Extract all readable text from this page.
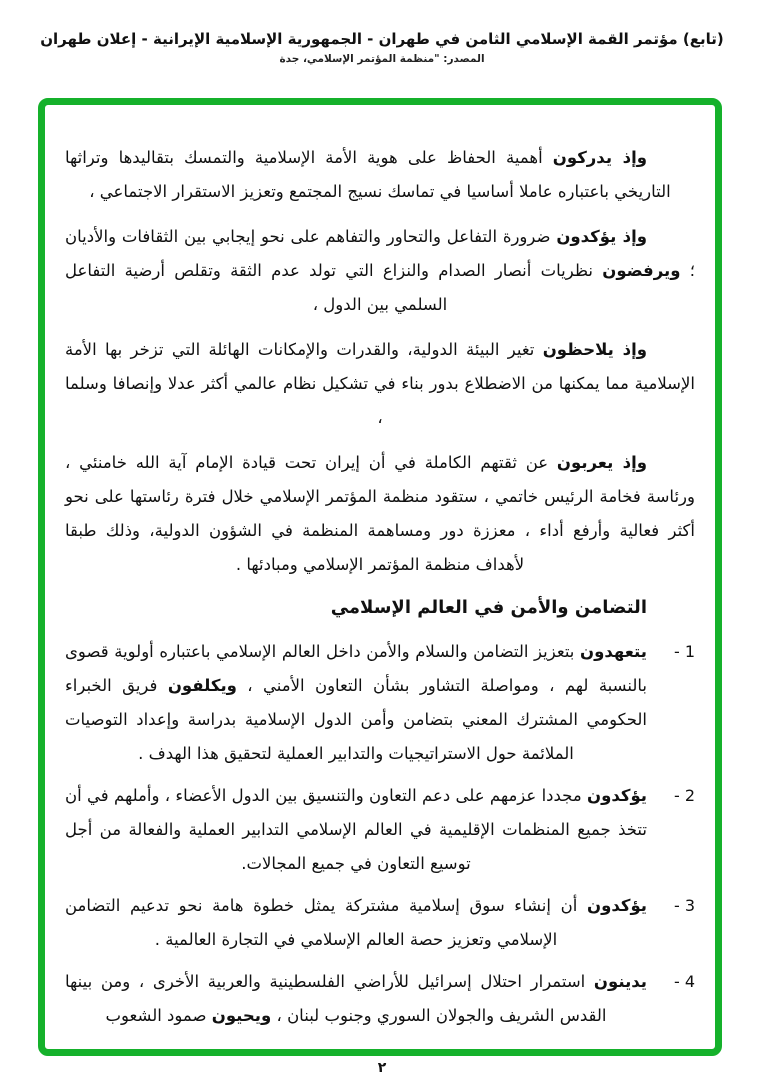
(تابع) مؤتمر القمة الإسلامي الثامن في طهران - الجمهورية الإسلامية الإيرانية - إعلان طهران
المصدر: "منظمة المؤتمر الإسلامي، جدة

وإذ يدركون أهمية الحفاظ على هوية الأمة الإسلامية والتمسك بتقاليدها وتراثها التاريخي باعتباره عاملا أساسيا في تماسك نسيج المجتمع وتعزيز الاستقرار الاجتماعي ،

وإذ يؤكدون ضرورة التفاعل والتحاور والتفاهم على نحو إيجابي بين الثقافات والأديان ؛ ويرفضون نظريات أنصار الصدام والنزاع التي تولد عدم الثقة وتقلص أرضية التفاعل السلمي بين الدول ،

وإذ يلاحظون تغير البيئة الدولية، والقدرات والإمكانات الهائلة التي تزخر بها الأمة الإسلامية مما يمكنها من الاضطلاع بدور بناء في تشكيل نظام عالمي أكثر عدلا وإنصافا وسلما ،

وإذ يعربون عن ثقتهم الكاملة في أن إيران تحت قيادة الإمام آية الله خامنئي ، ورئاسة فخامة الرئيس خاتمي ، ستقود منظمة المؤتمر الإسلامي خلال فترة رئاستها على نحو أكثر فعالية وأرفع أداء ، معززة دور ومساهمة المنظمة في الشؤون الدولية، وذلك طبقا لأهداف منظمة المؤتمر الإسلامي ومبادئها .

التضامن والأمن في العالم الإسلامي
1 -
يتعهدون بتعزيز التضامن والسلام والأمن داخل العالم الإسلامي باعتباره أولوية قصوى بالنسبة لهم ، ومواصلة التشاور بشأن التعاون الأمني ، ويكلفون فريق الخبراء الحكومي المشترك المعني بتضامن وأمن الدول الإسلامية بدراسة وإعداد التوصيات الملائمة حول الاستراتيجيات والتدابير العملية لتحقيق هذا الهدف .
2 -
يؤكدون مجددا عزمهم على دعم التعاون والتنسيق بين الدول الأعضاء ، وأملهم في أن تتخذ جميع المنظمات الإقليمية في العالم الإسلامي التدابير العملية والفعالة من أجل توسيع التعاون في جميع المجالات.
3 -
يؤكدون أن إنشاء سوق إسلامية مشتركة يمثل خطوة هامة نحو تدعيم التضامن الإسلامي وتعزيز حصة العالم الإسلامي في التجارة العالمية .
4 -
يدينون استمرار احتلال إسرائيل للأراضي الفلسطينية والعربية الأخرى ، ومن بينها القدس الشريف والجولان السوري وجنوب لبنان ، ويحيون صمود الشعوب
٢
